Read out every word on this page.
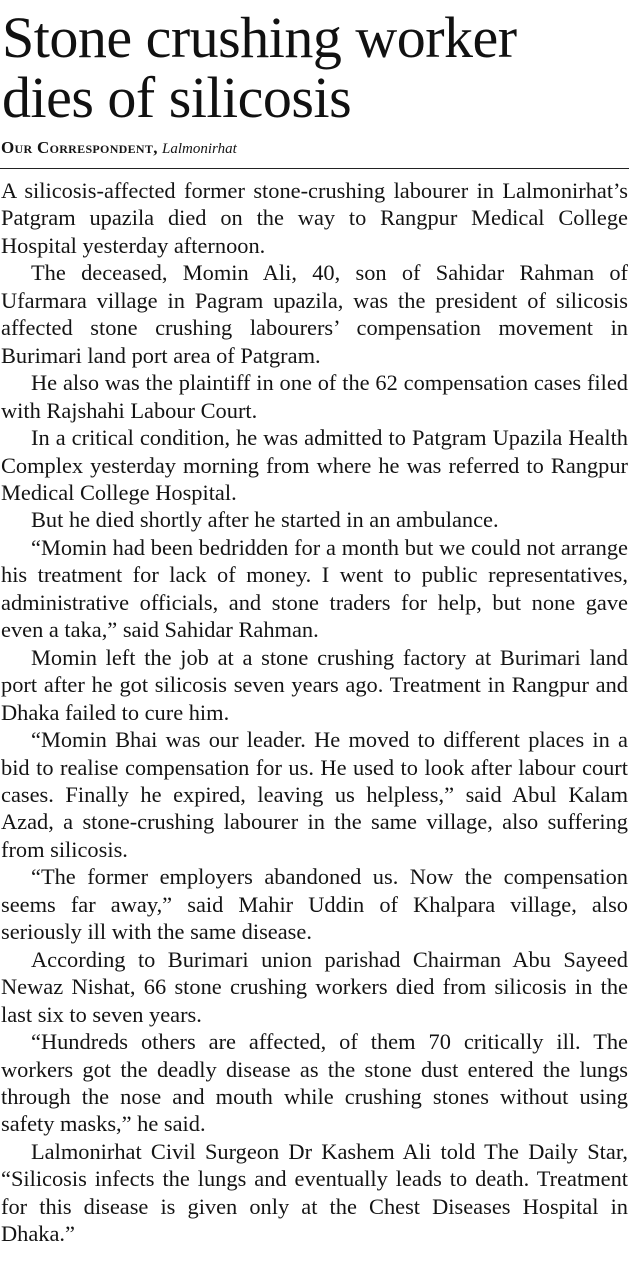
Stone crushing worker
dies of silicosis
Our Correspondent, Lalmonirhat

A silicosis-affected former stone-crushing labourer in Lalmonirhat’s Patgram upazila died on the way to Rangpur Medical College Hospital yesterday afternoon.

The deceased, Momin Ali, 40, son of Sahidar Rahman of Ufarmara village in Pagram upazila, was the president of silicosis affected stone crushing labourers’ compensation movement in Burimari land port area of Patgram.

He also was the plaintiff in one of the 62 compensation cases filed with Rajshahi Labour Court.

In a critical condition, he was admitted to Patgram Upazila Health Complex yesterday morning from where he was referred to Rangpur Medical College Hospital.

But he died shortly after he started in an ambulance.

“Momin had been bedridden for a month but we could not arrange his treatment for lack of money. I went to public representatives, administrative officials, and stone traders for help, but none gave even a taka,” said Sahidar Rahman.

Momin left the job at a stone crushing factory at Burimari land port after he got silicosis seven years ago. Treatment in Rangpur and Dhaka failed to cure him.

“Momin Bhai was our leader. He moved to different places in a bid to realise compensation for us. He used to look after labour court cases. Finally he expired, leaving us helpless,” said Abul Kalam Azad, a stone-crushing labourer in the same village, also suffering from silicosis.

“The former employers abandoned us. Now the compensation seems far away,” said Mahir Uddin of Khalpara village, also seriously ill with the same disease.

According to Burimari union parishad Chairman Abu Sayeed Newaz Nishat, 66 stone crushing workers died from silicosis in the last six to seven years.

“Hundreds others are affected, of them 70 critically ill. The workers got the deadly disease as the stone dust entered the lungs through the nose and mouth while crushing stones without using safety masks,” he said.

Lalmonirhat Civil Surgeon Dr Kashem Ali told The Daily Star, “Silicosis infects the lungs and eventually leads to death. Treatment for this disease is given only at the Chest Diseases Hospital in Dhaka.”
